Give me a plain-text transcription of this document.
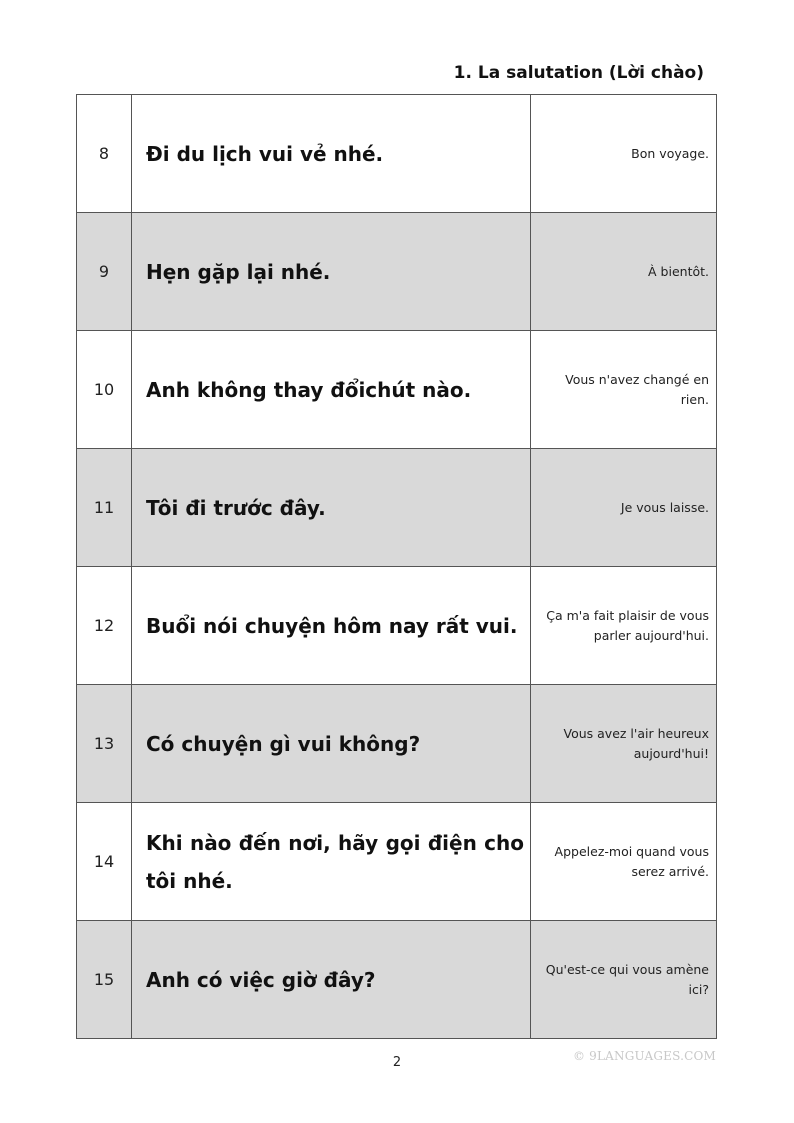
1. La salutation (Lời chào)
8	Đi du lịch vui vẻ nhé.	Bon voyage.
9	Hẹn gặp lại nhé.	À bientôt.
10	Anh không thay đổichút nào.	Vous n'avez changé en rien.
11	Tôi đi trước đây.	Je vous laisse.
12	Buổi nói chuyện hôm nay rất vui.	Ça m'a fait plaisir de vous parler aujourd'hui.
13	Có chuyện gì vui không?	Vous avez l'air heureux aujourd'hui!
14	Khi nào đến nơi, hãy gọi điện cho tôi nhé.	Appelez-moi quand vous serez arrivé.
15	Anh có việc giờ đây?	Qu'est-ce qui vous amène ici?
2	© 9LANGUAGES.COM
